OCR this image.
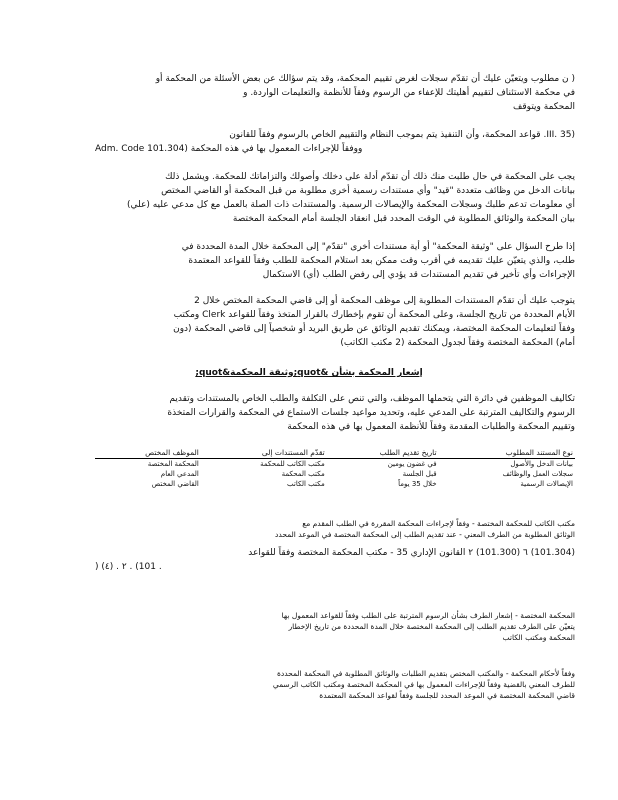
( ن مطلوب ويتعيّن عليك أن تقدّم سجلات لغرض تقييم المحكمة، وقد يتم سؤالك عن بعض الأسئلة من المحكمة أو

في محكمة الاستئناف لتقييم أهليتك للإعفاء من الرسوم وفقاً للأنظمة والتعليمات الواردة. و

المحكمة ويتوقف

(35 .III. قواعد المحكمة، وأن التنفيذ يتم بموجب النظام والتقييم الخاص بالرسوم وفقاً للقانون

Adm. Code 101.304) ووفقاً للإجراءات المعمول بها في هذه المحكمة

يجب على المحكمة في حال طلبت منك ذلك أن تقدّم أدلة على دخلك وأصولك والتزاماتك للمحكمة. ويشمل ذلك

بيانات الدخل من وظائف متعددة "قيد" وأي مستندات رسمية أخرى مطلوبة من قبل المحكمة أو القاضي المختص

أي معلومات تدعم طلبك وسجلات المحكمة والإيصالات الرسمية. والمستندات ذات الصلة بالعمل مع كل مدعي عليه (علي)

بيان المحكمة والوثائق المطلوبة في الوقت المحدد قبل انعقاد الجلسة أمام المحكمة المختصة

إذا طرح السؤال على "وثيقة المحكمة" أو أية مستندات أخرى "تقدّم" إلى المحكمة خلال المدة المحددة في

طلب، والذي يتعيّن عليك تقديمه في أقرب وقت ممكن بعد استلام المحكمة للطلب وفقاً للقواعد المعتمدة

الإجراءات وأي تأخير في تقديم المستندات قد يؤدي إلى رفض الطلب (أي) الاستكمال

يتوجب عليك أن تقدّم المستندات المطلوبة إلى موظف المحكمة أو إلى قاضي المحكمة المختص خلال 2

الأيام المحددة من تاريخ الجلسة، وعلى المحكمة أن تقوم بإخطارك بالقرار المتخذ وفقاً للقواعد Clerk ومكتب

وفقاً لتعليمات المحكمة المختصة، ويمكنك تقديم الوثائق عن طريق البريد أو شخصياً إلى قاضي المحكمة (دون

أمام) المحكمة المختصة وفقاً لجدول المحكمة (2 مكتب الكاتب)

إشعار المحكمة بشأن &quot;وثيقة المحكمة&quot;

تكاليف الموظفين في دائرة التي يتحملها الموظف، والتي تنص على التكلفة والطلب الخاص بالمستندات وتقديم

الرسوم والتكاليف المترتبة على المدعي عليه، وتحديد مواعيد جلسات الاستماع في المحكمة والقرارات المتخذة

وتقييم المحكمة والطلبات المقدمة وفقاً للأنظمة المعمول بها في هذه المحكمة

نوع المستند المطلوب	تاريخ تقديم الطلب	تقدّم المستندات إلى	الموظف المختص
بيانات الدخل والأصول	في غضون يومين	مكتب الكاتب للمحكمة	المحكمة المختصة
سجلات العمل والوظائف	قبل الجلسة	مكتب المحكمة	المدعي العام
الإيصالات الرسمية	خلال 35 يوماً	مكتب الكاتب	القاضي المختص

مكتب الكاتب للمحكمة المختصة - وفقاً لإجراءات المحكمة المقررة في الطلب المقدم مع

الوثائق المطلوبة من الطرف المعني - عند تقديم الطلب إلى المحكمة المختصة في الموعد المحدد

(101.304) ٦ (101.300) ٢ القانون الإداري 35 - مكتب المحكمة المختصة وفقاً للقواعد

) (٤) . ٢ . (101 .

المحكمة المختصة - إشعار الطرف بشأن الرسوم المترتبة على الطلب وفقاً للقواعد المعمول بها

يتعيّن على الطرف تقديم الطلب إلى المحكمة المختصة خلال المدة المحددة من تاريخ الإخطار

المحكمة ومكتب الكاتب

وفقاً لأحكام المحكمة - والمكتب المختص بتقديم الطلبات والوثائق المطلوبة في المحكمة المحددة

للطرف المعني بالقضية وفقاً للإجراءات المعمول بها في المحكمة المختصة ومكتب الكاتب الرسمي

قاضي المحكمة المختصة في الموعد المحدد للجلسة وفقاً لقواعد المحكمة المعتمدة
